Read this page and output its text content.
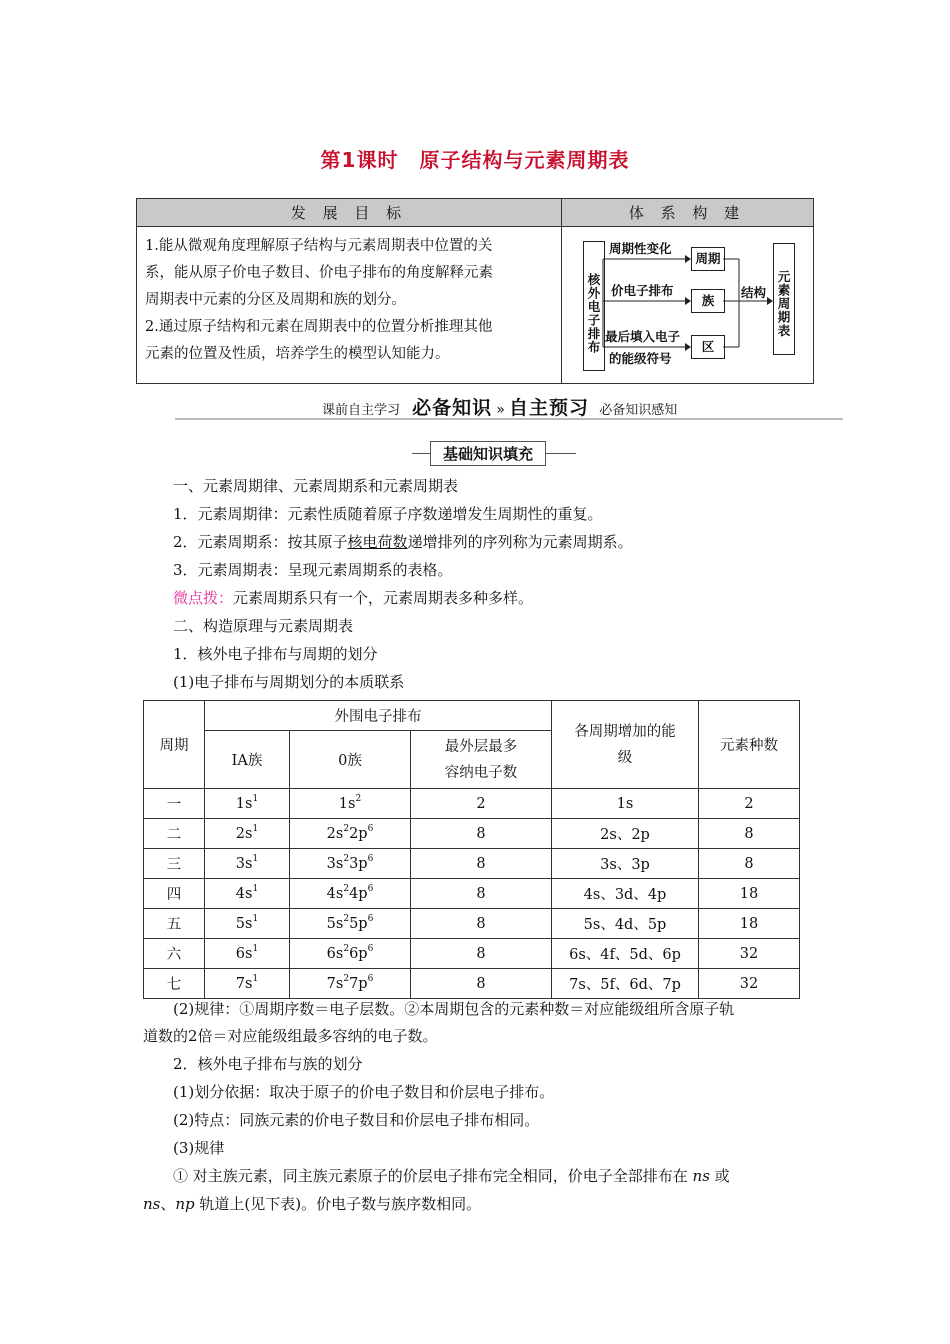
第1课时　原子结构与元素周期表
发 展 目 标	体 系 构 建
1.能从微观角度理解原子结构与元素周期表中位置的关
系，能从原子价电子数目、价电子排布的角度解释元素
周期表中元素的分区及周期和族的划分。
2.通过原子结构和元素在周期表中的位置分析推理其他
元素的位置及性质，培养学生的模型认知能力。
核外电子排布
周期
族
区
元素周期表
周期性变化
价电子排布
最后填入电子
的能级符号
结构
课前自主学习 必备知识 » 自主预习 必备知识感知
基础知识填充
一、元素周期律、元素周期系和元素周期表
1．元素周期律：元素性质随着原子序数递增发生周期性的重复。
2．元素周期系：按其原子核电荷数递增排列的序列称为元素周期系。
3．元素周期表：呈现元素周期系的表格。
微点拨：元素周期系只有一个，元素周期表多种多样。
二、构造原理与元素周期表
1．核外电子排布与周期的划分
(1)电子排布与周期划分的本质联系
周期	外围电子排布			各周期增加的能
级	元素种数
	ⅠA族	0族	最外层最多
容纳电子数		
一	$1s^1$	$1s^2$	2	1s	2
二	$2s^1$	$2s^22p^6$	8	2s、2p	8
三	$3s^1$	$3s^23p^6$	8	3s、3p	8
四	$4s^1$	$4s^24p^6$	8	4s、3d、4p	18
五	$5s^1$	$5s^25p^6$	8	5s、4d、5p	18
六	$6s^1$	$6s^26p^6$	8	6s、4f、5d、6p	32
七	$7s^1$	$7s^27p^6$	8	7s、5f、6d、7p	32
(2)规律：①周期序数＝电子层数。②本周期包含的元素种数＝对应能级组所含原子轨
道数的2倍＝对应能级组最多容纳的电子数。
2．核外电子排布与族的划分
(1)划分依据：取决于原子的价电子数目和价层电子排布。
(2)特点：同族元素的价电子数目和价层电子排布相同。
(3)规律
① 对主族元素，同主族元素原子的价层电子排布完全相同，价电子全部排布在 ns 或
ns、np 轨道上(见下表)。价电子数与族序数相同。
